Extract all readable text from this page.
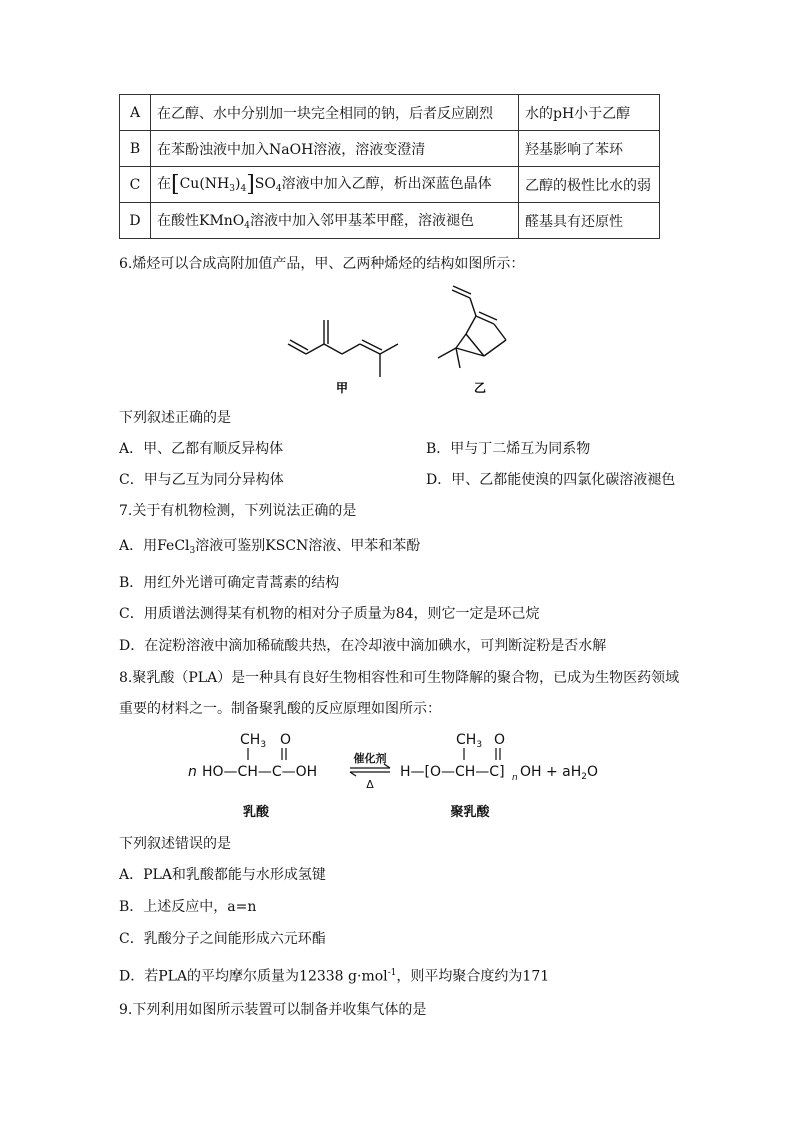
A	在乙醇、水中分别加一块完全相同的钠，后者反应剧烈	水的pH小于乙醇
B	在苯酚浊液中加入NaOH溶液，溶液变澄清	羟基影响了苯环
C	在$[Cu(NH_3)_4]SO_4$溶液中加入乙醇，析出深蓝色晶体	乙醇的极性比水的弱
D	在酸性KMnO$_4$溶液中加入邻甲基苯甲醛，溶液褪色	醛基具有还原性
6.烯烃可以合成高附加值产品，甲、乙两种烯烃的结构如图所示：
甲	乙
下列叙述正确的是
A．甲、乙都有顺反异构体	B．甲与丁二烯互为同系物
C．甲与乙互为同分异构体	D．甲、乙都能使溴的四氯化碳溶液褪色
7.关于有机物检测，下列说法正确的是
A．用FeCl$_3$溶液可鉴别KSCN溶液、甲苯和苯酚
B．用红外光谱可确定青蒿素的结构
C．用质谱法测得某有机物的相对分子质量为84，则它一定是环己烷
D．在淀粉溶液中滴加稀硫酸共热，在冷却液中滴加碘水，可判断淀粉是否水解
8.聚乳酸（PLA）是一种具有良好生物相容性和可生物降解的聚合物，已成为生物医药领域
重要的材料之一。制备聚乳酸的反应原理如图所示：
$CH_3$ O
n HO—CH—C—OH
催化剂
Δ
$CH_3$ O
H—[O—CH—C] n OH + $aH_2O$
乳酸	聚乳酸
下列叙述错误的是
A．PLA和乳酸都能与水形成氢键
B．上述反应中，a=n
C．乳酸分子之间能形成六元环酯
D．若PLA的平均摩尔质量为12338 g·mol$^{-1}$，则平均聚合度约为171
9.下列利用如图所示装置可以制备并收集气体的是
